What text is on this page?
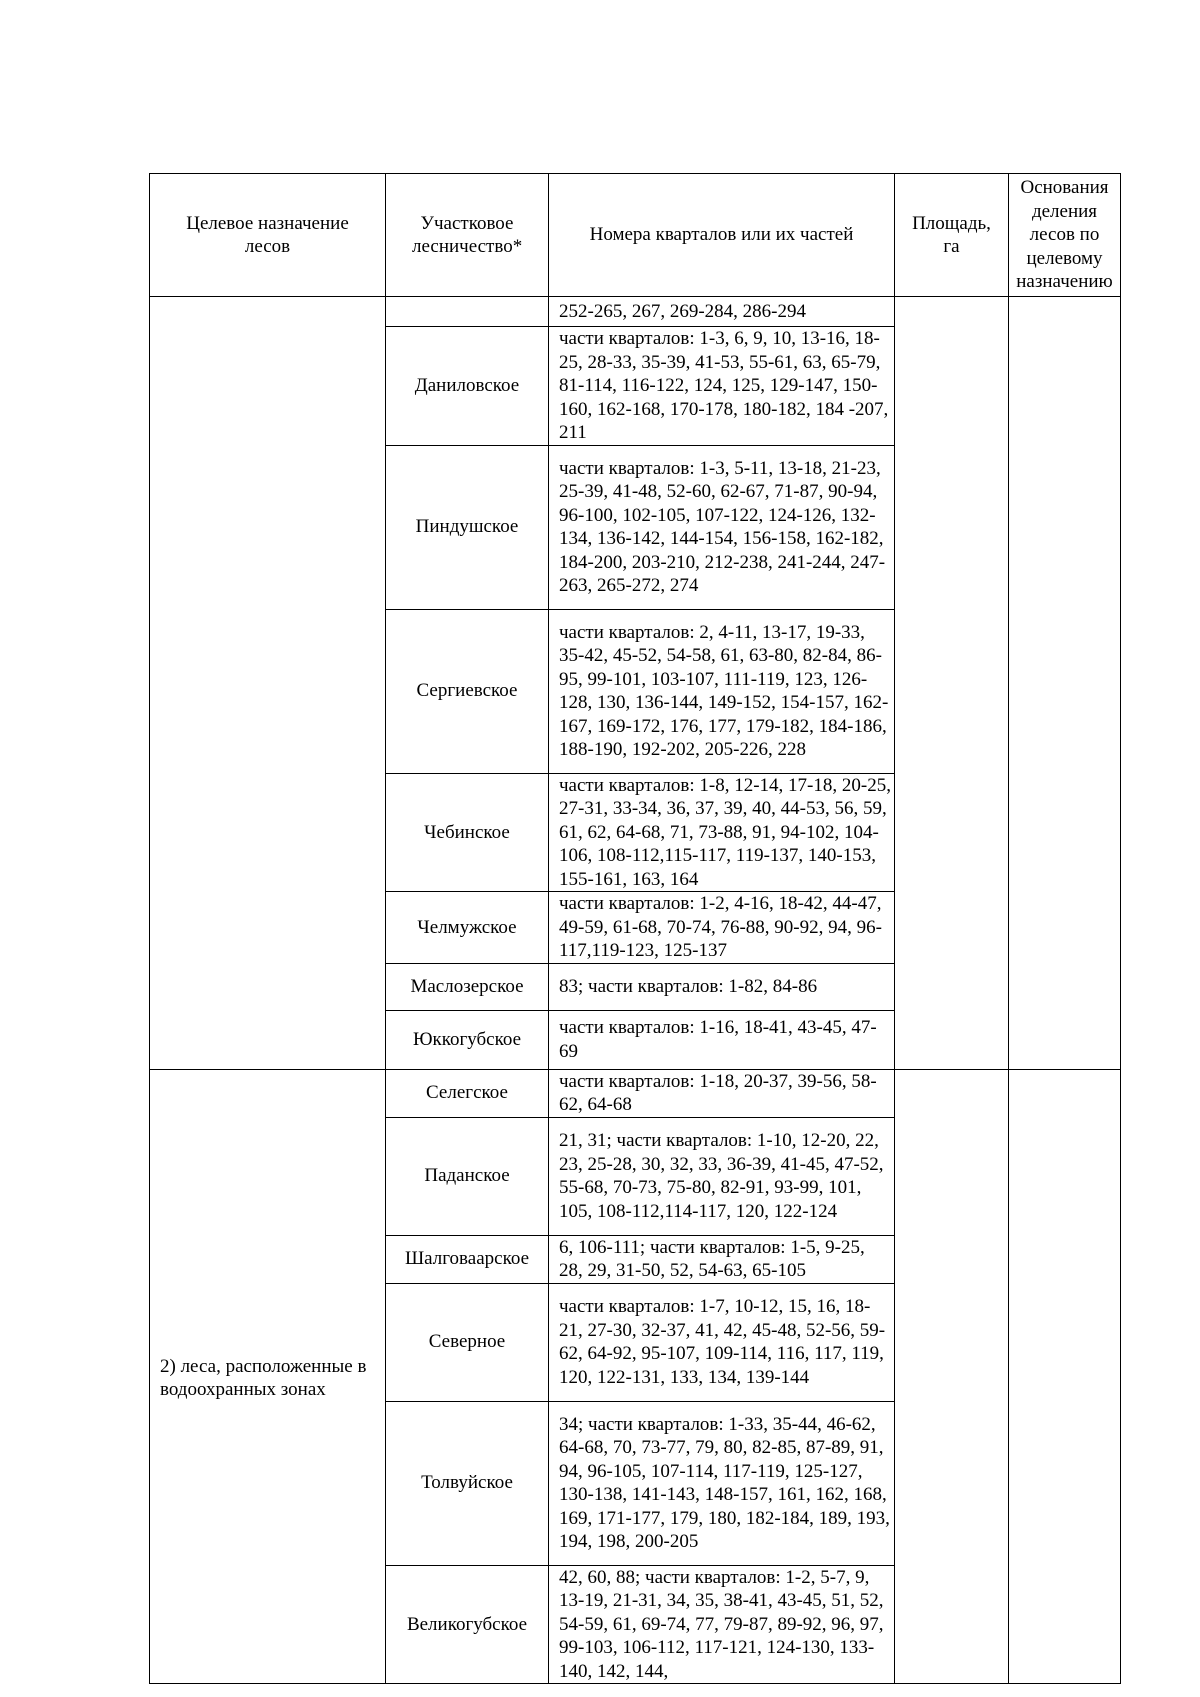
Целевое назначение лесов	Участковое лесничество*	Номера кварталов или их частей	Площадь, га	Основания деления лесов по целевому назначению

		252-265, 267, 269-284, 286-294		
	Даниловское	части кварталов: 1-3, 6, 9, 10, 13-16, 18-25, 28-33, 35-39, 41-53, 55-61, 63, 65-79, 81-114, 116-122, 124, 125, 129-147, 150-160, 162-168, 170-178, 180-182, 184 -207, 211		
	Пиндушское	части кварталов: 1-3, 5-11, 13-18, 21-23, 25-39, 41-48, 52-60, 62-67, 71-87, 90-94, 96-100, 102-105, 107-122, 124-126, 132-134, 136-142, 144-154, 156-158, 162-182, 184-200, 203-210, 212-238, 241-244, 247-263, 265-272, 274		
	Сергиевское	части кварталов: 2, 4-11, 13-17, 19-33, 35-42, 45-52, 54-58, 61, 63-80, 82-84, 86-95, 99-101, 103-107, 111-119, 123, 126-128, 130, 136-144, 149-152, 154-157, 162-167, 169-172, 176, 177, 179-182, 184-186, 188-190, 192-202, 205-226, 228		
	Чебинское	части кварталов: 1-8, 12-14, 17-18, 20-25, 27-31, 33-34, 36, 37, 39, 40, 44-53, 56, 59, 61, 62, 64-68, 71, 73-88, 91, 94-102, 104-106, 108-112,115-117, 119-137, 140-153, 155-161, 163, 164		
	Челмужское	части кварталов: 1-2, 4-16, 18-42, 44-47, 49-59, 61-68, 70-74, 76-88, 90-92, 94, 96-117,119-123, 125-137		
	Маслозерское	83; части кварталов: 1-82, 84-86		
	Юккогубское	части кварталов: 1-16, 18-41, 43-45, 47-69		
2) леса, расположенные в водоохранных зонах	Селегское	части кварталов: 1-18, 20-37, 39-56, 58-62, 64-68		
	Паданское	21, 31; части кварталов: 1-10, 12-20, 22, 23, 25-28, 30, 32, 33, 36-39, 41-45, 47-52, 55-68, 70-73, 75-80, 82-91, 93-99, 101, 105, 108-112,114-117, 120, 122-124		
	Шалговаарское	6, 106-111; части кварталов: 1-5, 9-25, 28, 29, 31-50, 52, 54-63, 65-105		
	Северное	части кварталов: 1-7, 10-12, 15, 16, 18-21, 27-30, 32-37, 41, 42, 45-48, 52-56, 59-62, 64-92, 95-107, 109-114, 116, 117, 119, 120, 122-131, 133, 134, 139-144		
	Толвуйское	34; части кварталов: 1-33, 35-44, 46-62, 64-68, 70, 73-77, 79, 80, 82-85, 87-89, 91, 94, 96-105, 107-114, 117-119, 125-127, 130-138, 141-143, 148-157, 161, 162, 168, 169, 171-177, 179, 180, 182-184, 189, 193, 194, 198, 200-205		
	Великогубское	42, 60, 88; части кварталов: 1-2, 5-7, 9, 13-19, 21-31, 34, 35, 38-41, 43-45, 51, 52, 54-59, 61, 69-74, 77, 79-87, 89-92, 96, 97, 99-103, 106-112, 117-121, 124-130, 133-140, 142, 144,		
